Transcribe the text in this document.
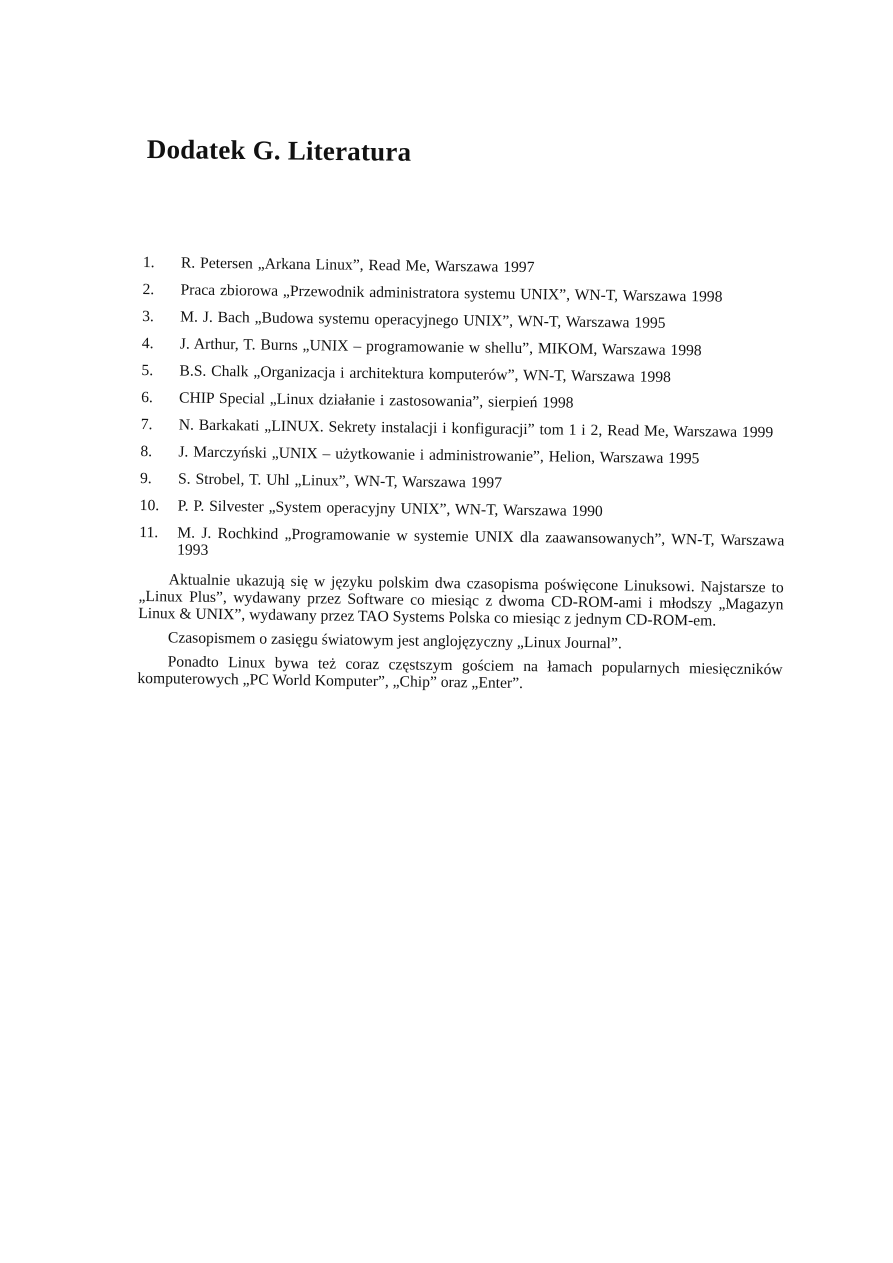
Dodatek G. Literatura
1.	R. Petersen „Arkana Linux”, Read Me, Warszawa 1997
2.	Praca zbiorowa „Przewodnik administratora systemu UNIX”, WN-T, Warszawa 1998
3.	M. J. Bach „Budowa systemu operacyjnego UNIX”, WN-T, Warszawa 1995
4.	J. Arthur, T. Burns „UNIX – programowanie w shellu”, MIKOM, Warszawa 1998
5.	B.S. Chalk „Organizacja i architektura komputerów”, WN-T, Warszawa 1998
6.	CHIP Special „Linux działanie i zastosowania”, sierpień 1998
7.	N. Barkakati „LINUX. Sekrety instalacji i konfiguracji” tom 1 i 2, Read Me, Warszawa 1999
8.	J. Marczyński „UNIX – użytkowanie i administrowanie”, Helion, Warszawa 1995
9.	S. Strobel, T. Uhl „Linux”, WN-T, Warszawa 1997
10.	P. P. Silvester „System operacyjny UNIX”, WN-T, Warszawa 1990
11.	M. J. Rochkind „Programowanie w systemie UNIX dla zaawansowanych”, WN-T, Warszawa 1993

Aktualnie ukazują się w języku polskim dwa czasopisma poświęcone Linuksowi. Najstarsze to „Linux Plus”, wydawany przez Software co miesiąc z dwoma CD-ROM-ami i młodszy „Magazyn Linux & UNIX”, wydawany przez TAO Systems Polska co miesiąc z jednym CD-ROM-em.

Czasopismem o zasięgu światowym jest anglojęzyczny „Linux Journal”.

Ponadto Linux bywa też coraz częstszym gościem na łamach popularnych miesięczników komputerowych „PC World Komputer”, „Chip” oraz „Enter”.
